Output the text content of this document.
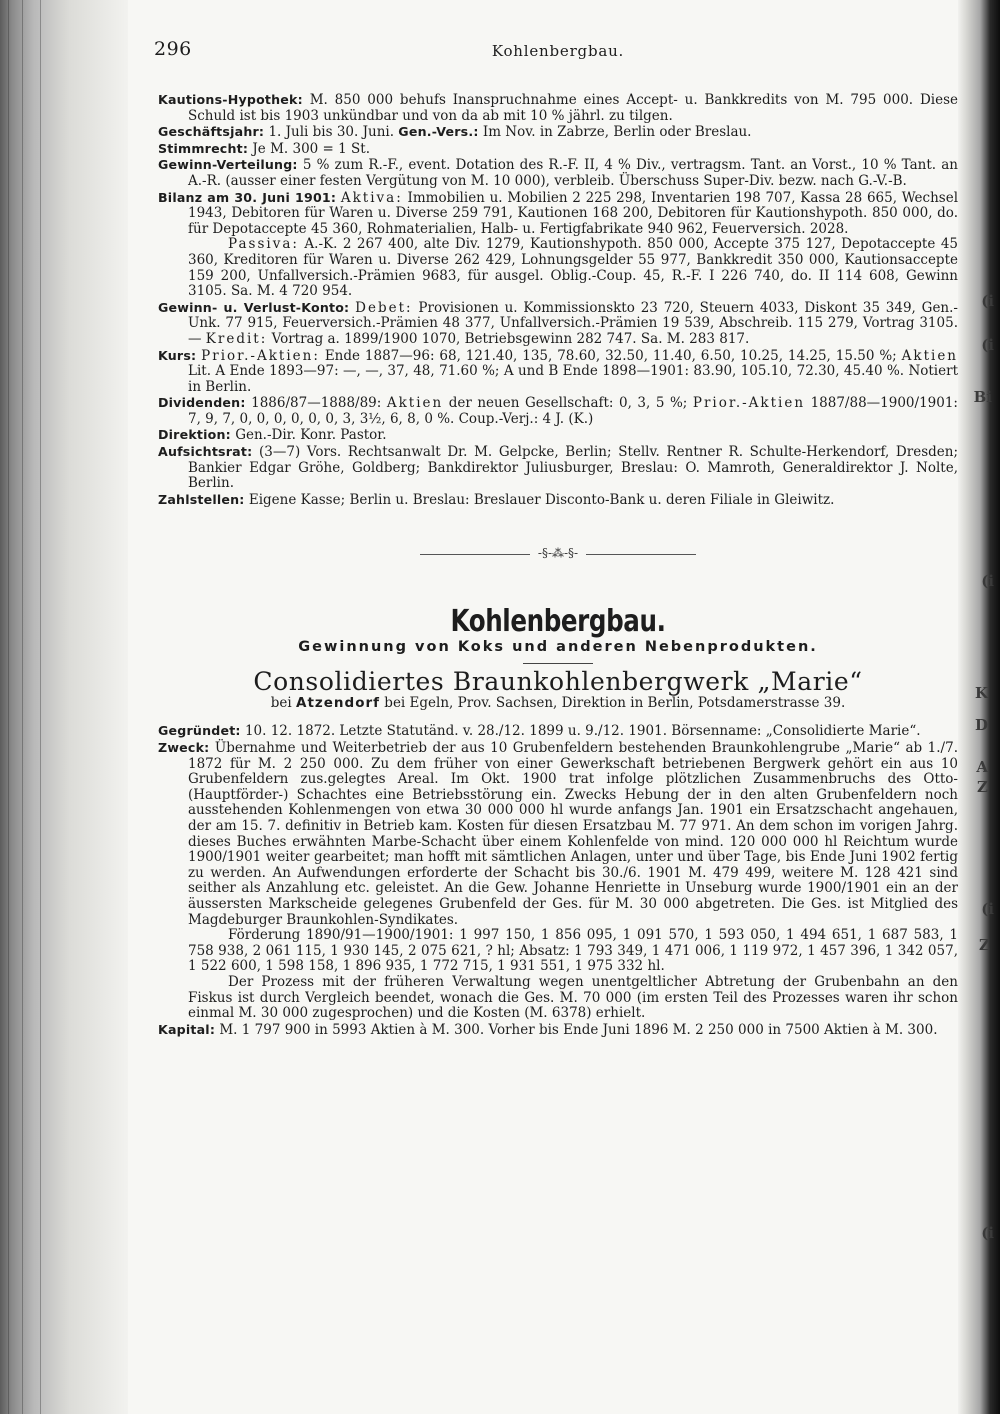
(i
(i
Bi
(i
K
D
A
Z
(i
Z
(i
296	Kohlenbergbau.

Kautions-Hypothek: M. 850 000 behufs Inanspruchnahme eines Accept- u. Bankkredits von M. 795 000. Diese Schuld ist bis 1903 unkündbar und von da ab mit 10 % jährl. zu tilgen.

Geschäftsjahr: 1. Juli bis 30. Juni. Gen.-Vers.: Im Nov. in Zabrze, Berlin oder Breslau.

Stimmrecht: Je M. 300 = 1 St.

Gewinn-Verteilung: 5 % zum R.-F., event. Dotation des R.-F. II, 4 % Div., vertragsm. Tant. an Vorst., 10 % Tant. an A.-R. (ausser einer festen Vergütung von M. 10 000), verbleib. Überschuss Super-Div. bezw. nach G.-V.-B.

Bilanz am 30. Juni 1901: Aktiva: Immobilien u. Mobilien 2 225 298, Inventarien 198 707, Kassa 28 665, Wechsel 1943, Debitoren für Waren u. Diverse 259 791, Kautionen 168 200, Debitoren für Kautionshypoth. 850 000, do. für Depotaccepte 45 360, Rohmaterialien, Halb- u. Fertigfabrikate 940 962, Feuerversich. 2028.

Passiva: A.-K. 2 267 400, alte Div. 1279, Kautionshypoth. 850 000, Accepte 375 127, Depotaccepte 45 360, Kreditoren für Waren u. Diverse 262 429, Lohnungsgelder 55 977, Bankkredit 350 000, Kautionsaccepte 159 200, Unfallversich.-Prämien 9683, für ausgel. Oblig.-Coup. 45, R.-F. I 226 740, do. II 114 608, Gewinn 3105. Sa. M. 4 720 954.

Gewinn- u. Verlust-Konto: Debet: Provisionen u. Kommissionskto 23 720, Steuern 4033, Diskont 35 349, Gen.-Unk. 77 915, Feuerversich.-Prämien 48 377, Unfallversich.-Prämien 19 539, Abschreib. 115 279, Vortrag 3105. — Kredit: Vortrag a. 1899/1900 1070, Betriebsgewinn 282 747. Sa. M. 283 817.

Kurs: Prior.-Aktien: Ende 1887—96: 68, 121.40, 135, 78.60, 32.50, 11.40, 6.50, 10.25, 14.25, 15.50 %; Aktien Lit. A Ende 1893—97: —, —, 37, 48, 71.60 %; A und B Ende 1898—1901: 83.90, 105.10, 72.30, 45.40 %. Notiert in Berlin.

Dividenden: 1886/87—1888/89: Aktien der neuen Gesellschaft: 0, 3, 5 %; Prior.-Aktien 1887/88—1900/1901: 7, 9, 7, 0, 0, 0, 0, 0, 0, 3, 3½, 6, 8, 0 %. Coup.-Verj.: 4 J. (K.)

Direktion: Gen.-Dir. Konr. Pastor.

Aufsichtsrat: (3—7) Vors. Rechtsanwalt Dr. M. Gelpcke, Berlin; Stellv. Rentner R. Schulte-Herkendorf, Dresden; Bankier Edgar Gröhe, Goldberg; Bankdirektor Juliusburger, Breslau: O. Mamroth, Generaldirektor J. Nolte, Berlin.

Zahlstellen: Eigene Kasse; Berlin u. Breslau: Breslauer Disconto-Bank u. deren Filiale in Gleiwitz.

-§-⁂-§-
Kohlenbergbau.
Gewinnung von Koks und anderen Nebenprodukten.
Consolidiertes Braunkohlenbergwerk „Marie“
bei Atzendorf bei Egeln, Prov. Sachsen, Direktion in Berlin, Potsdamerstrasse 39.

Gegründet: 10. 12. 1872. Letzte Statutänd. v. 28./12. 1899 u. 9./12. 1901. Börsenname: „Consolidierte Marie“.

Zweck: Übernahme und Weiterbetrieb der aus 10 Grubenfeldern bestehenden Braunkohlengrube „Marie“ ab 1./7. 1872 für M. 2 250 000. Zu dem früher von einer Gewerkschaft betriebenen Bergwerk gehört ein aus 10 Grubenfeldern zus.gelegtes Areal. Im Okt. 1900 trat infolge plötzlichen Zusammenbruchs des Otto- (Hauptförder-) Schachtes eine Betriebsstörung ein. Zwecks Hebung der in den alten Grubenfeldern noch ausstehenden Kohlenmengen von etwa 30 000 000 hl wurde anfangs Jan. 1901 ein Ersatzschacht angehauen, der am 15. 7. definitiv in Betrieb kam. Kosten für diesen Ersatzbau M. 77 971. An dem schon im vorigen Jahrg. dieses Buches erwähnten Marbe-Schacht über einem Kohlenfelde von mind. 120 000 000 hl Reichtum wurde 1900/1901 weiter gearbeitet; man hofft mit sämtlichen Anlagen, unter und über Tage, bis Ende Juni 1902 fertig zu werden. An Aufwendungen erforderte der Schacht bis 30./6. 1901 M. 479 499, weitere M. 128 421 sind seither als Anzahlung etc. geleistet. An die Gew. Johanne Henriette in Unseburg wurde 1900/1901 ein an der äussersten Markscheide gelegenes Grubenfeld der Ges. für M. 30 000 abgetreten. Die Ges. ist Mitglied des Magdeburger Braunkohlen-Syndikates.

Förderung 1890/91—1900/1901: 1 997 150, 1 856 095, 1 091 570, 1 593 050, 1 494 651, 1 687 583, 1 758 938, 2 061 115, 1 930 145, 2 075 621, ? hl; Absatz: 1 793 349, 1 471 006, 1 119 972, 1 457 396, 1 342 057, 1 522 600, 1 598 158, 1 896 935, 1 772 715, 1 931 551, 1 975 332 hl.

Der Prozess mit der früheren Verwaltung wegen unentgeltlicher Abtretung der Grubenbahn an den Fiskus ist durch Vergleich beendet, wonach die Ges. M. 70 000 (im ersten Teil des Prozesses waren ihr schon einmal M. 30 000 zugesprochen) und die Kosten (M. 6378) erhielt.

Kapital: M. 1 797 900 in 5993 Aktien à M. 300. Vorher bis Ende Juni 1896 M. 2 250 000 in 7500 Aktien à M. 300.
